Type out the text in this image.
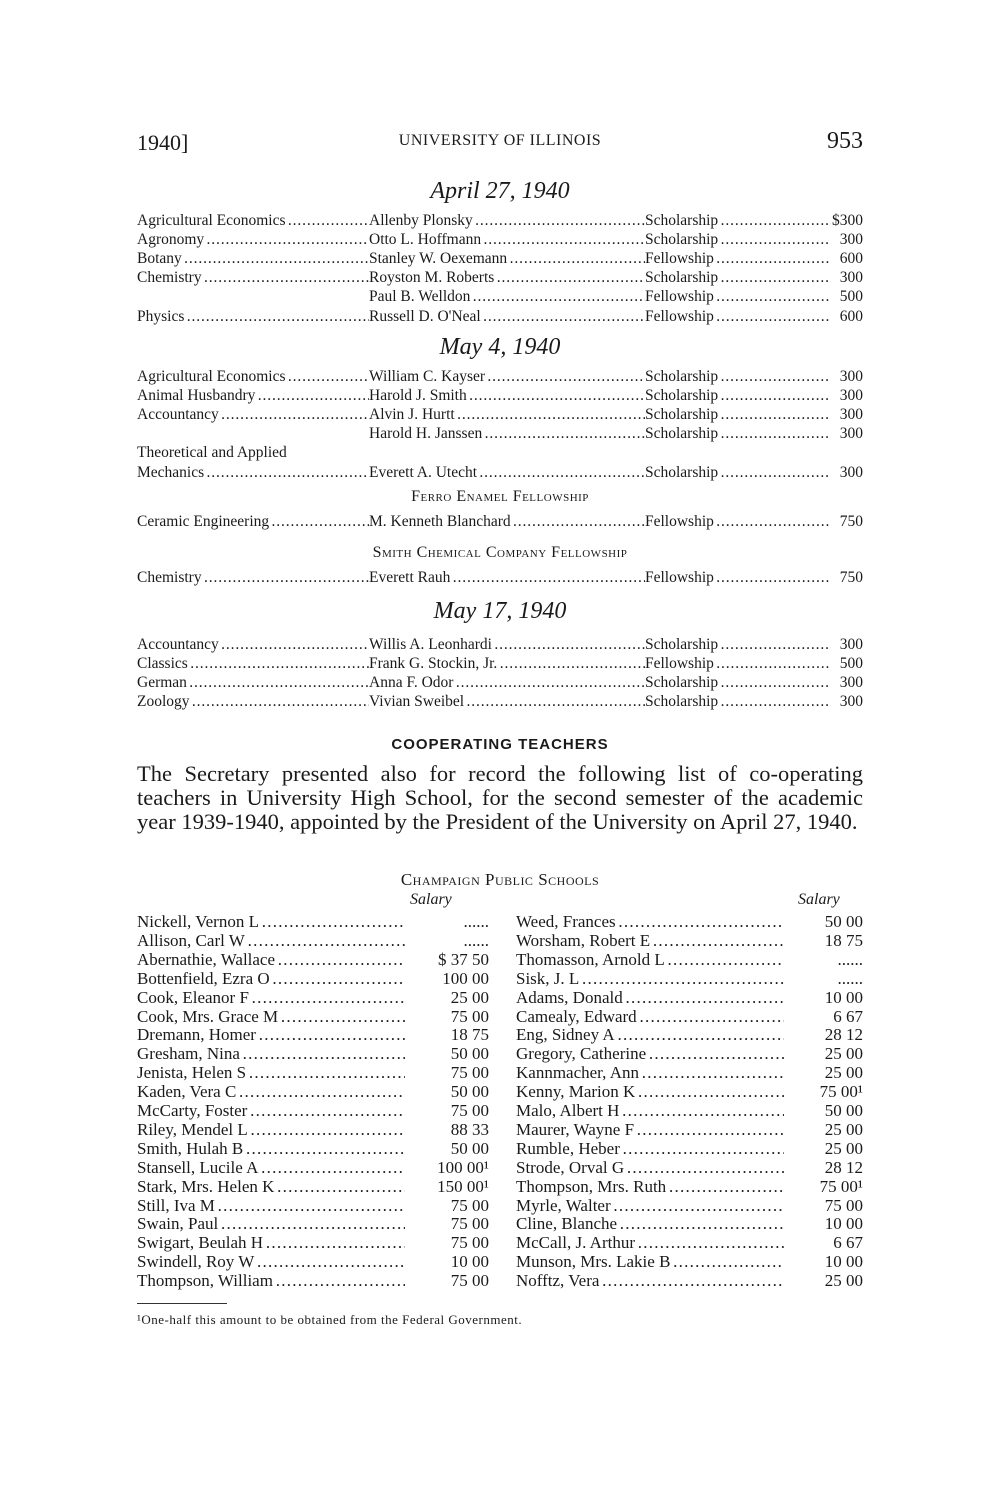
1940]	UNIVERSITY OF ILLINOIS	953
April 27, 1940
Agricultural Economics . . .	Allenby Plonsky . . .	Scholarship . . .	$300
Agronomy . . .	Otto L. Hoffmann . . .	Scholarship . . .	300
Botany . . .	Stanley W. Oexemann . . .	Fellowship . . .	600
Chemistry . . .	Royston M. Roberts . . .	Scholarship . . .	300
Paul B. Welldon . . .	Fellowship . . .	500
Physics . . .	Russell D. O'Neal . . .	Fellowship . . .	600
May 4, 1940
Agricultural Economics . . .	William C. Kayser . . .	Scholarship . . .	300
Animal Husbandry . . .	Harold J. Smith . . .	Scholarship . . .	300
Accountancy . . .	Alvin J. Hurtt . . .	Scholarship . . .	300
Harold H. Janssen . . .	Scholarship . . .	300
Theoretical and Applied
Mechanics . . .	Everett A. Utecht . . .	Scholarship . . .	300
Ferro Enamel Fellowship
Ceramic Engineering . . .	M. Kenneth Blanchard . . .	Fellowship . . .	750
Smith Chemical Company Fellowship
Chemistry . . .	Everett Rauh . . .	Fellowship . . .	750
May 17, 1940
Accountancy . . .	Willis A. Leonhardi . . .	Scholarship . . .	300
Classics . . .	Frank G. Stockin, Jr. . . .	Fellowship . . .	500
German . . .	Anna F. Odor . . .	Scholarship . . .	300
Zoology . . .	Vivian Sweibel . . .	Scholarship . . .	300
COOPERATING TEACHERS
The Secretary presented also for record the following list of co-operating teachers in University High School, for the second semester of the academic year 1939-1940, appointed by the President of the University on April 27, 1940.
Champaign Public Schools
Salary	Salary
Nickell, Vernon L . . .	......
Allison, Carl W . . .	......
Abernathie, Wallace . . .	$ 37 50
Bottenfield, Ezra O . . .	100 00
Cook, Eleanor F . . .	25 00
Cook, Mrs. Grace M . . .	75 00
Dremann, Homer . . .	18 75
Gresham, Nina . . .	50 00
Jenista, Helen S . . .	75 00
Kaden, Vera C . . .	50 00
McCarty, Foster . . .	75 00
Riley, Mendel L . . .	88 33
Smith, Hulah B . . .	50 00
Stansell, Lucile A . . .	100 00¹
Stark, Mrs. Helen K . . .	150 00¹
Still, Iva M . . .	75 00
Swain, Paul . . .	75 00
Swigart, Beulah H . . .	75 00
Swindell, Roy W . . .	10 00
Thompson, William . . .	75 00
Weed, Frances . . .	50 00
Worsham, Robert E . . .	18 75
Thomasson, Arnold L . . .	......
Sisk, J. L . . .	......
Adams, Donald . . .	10 00
Camealy, Edward . . .	6 67
Eng, Sidney A . . .	28 12
Gregory, Catherine . . .	25 00
Kannmacher, Ann . . .	25 00
Kenny, Marion K . . .	75 00¹
Malo, Albert H . . .	50 00
Maurer, Wayne F . . .	25 00
Rumble, Heber . . .	25 00
Strode, Orval G . . .	28 12
Thompson, Mrs. Ruth . . .	75 00¹
Myrle, Walter . . .	75 00
Cline, Blanche . . .	10 00
McCall, J. Arthur . . .	6 67
Munson, Mrs. Lakie B . . .	10 00
Nofftz, Vera . . .	25 00
¹One-half this amount to be obtained from the Federal Government.
